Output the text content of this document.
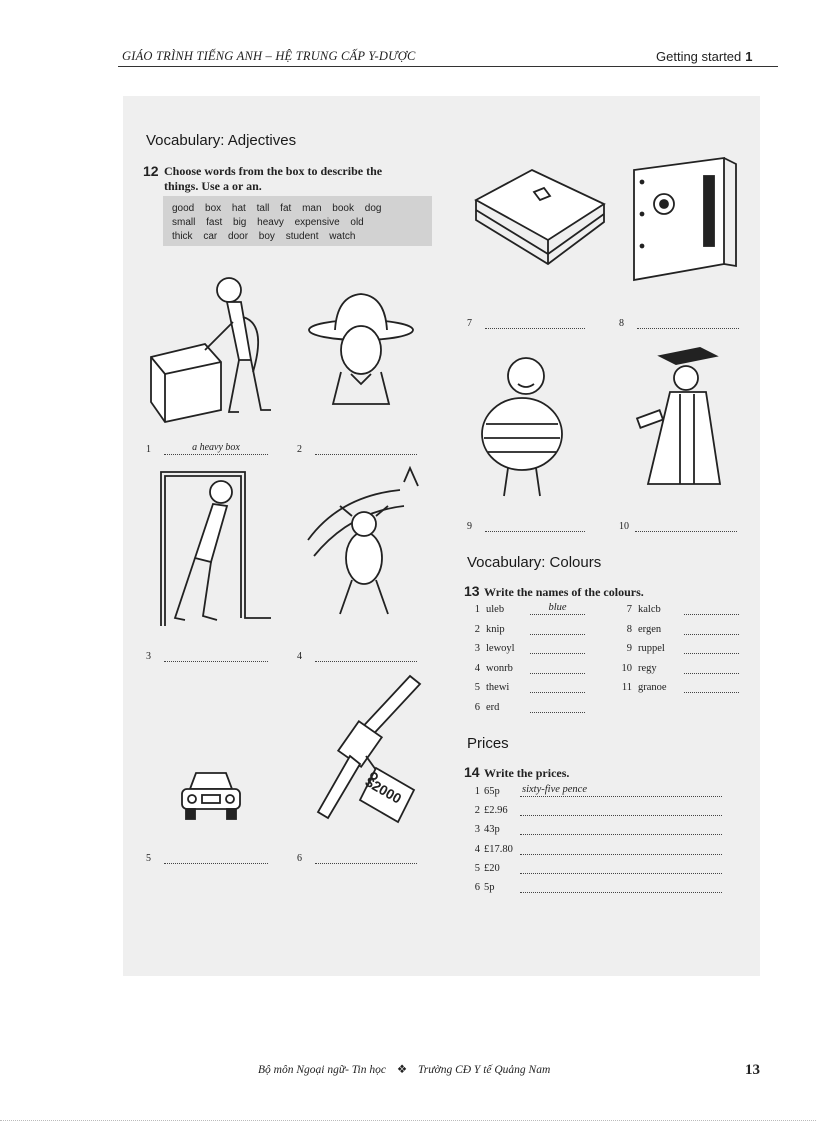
GIÁO TRÌNH TIẾNG ANH – HỆ TRUNG CẤP Y-DƯỢC	Getting started 1
Vocabulary: Adjectives
12 Choose words from the box to describe the
things. Use a or an.
good box hat tall fat man book dog
small fast big heavy expensive old
thick car door boy student watch
1	a heavy box	2
3	4
5
$2000
6
7	8
9	10
Vocabulary: Colours
13 Write the names of the colours.
1 uleb	blue
2 knip
3 lewoyl
4 wonrb
5 thewi
6 erd
7 kalcb
8 ergen
9 ruppel
10 regy
11 granoe
Prices
14 Write the prices.
1 65p sixty-five pence
2 £2.96
3 43p
4 £17.80
5 £20
6 5p
Bộ môn Ngoại ngữ- Tin học ❖ Trường CĐ Y tế Quảng Nam	13
